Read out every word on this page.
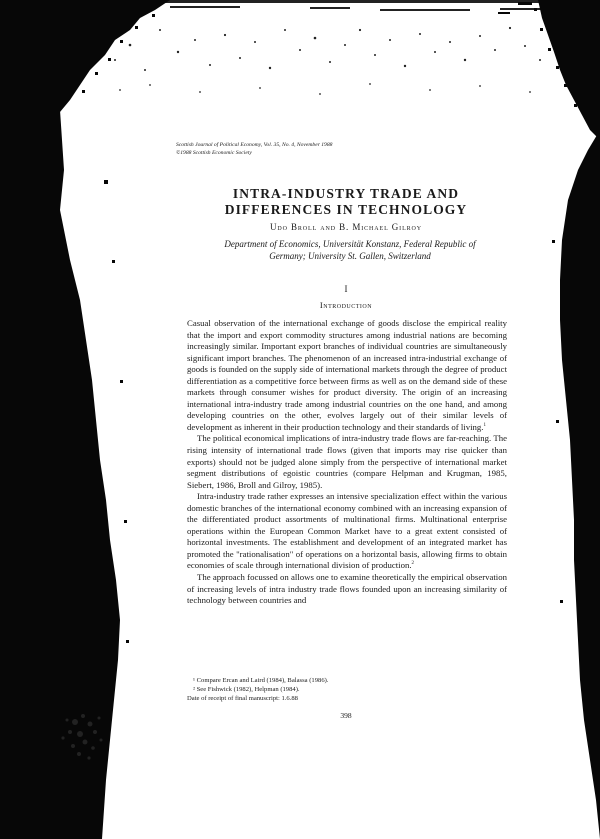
Scottish Journal of Political Economy, Vol. 35, No. 4, November 1988
©1988 Scottish Economic Society
INTRA-INDUSTRY TRADE AND
DIFFERENCES IN TECHNOLOGY
Udo Broll and B. Michael Gilroy
Department of Economics, Universität Konstanz, Federal Republic of
Germany; University St. Gallen, Switzerland
I
Introduction

Casual observation of the international exchange of goods disclose the empirical reality that the import and export commodity structures among industrial nations are becoming increasingly similar. Important export branches of individual countries are simultaneously significant import branches. The phenomenon of an increased intra-industrial exchange of goods is founded on the supply side of international markets through the degree of product differentiation as a competitive force between firms as well as on the demand side of these markets through consumer wishes for product diversity. The origin of an increasing international intra-industry trade among industrial countries on the one hand, and among developing countries on the other, evolves largely out of their similar levels of development as inherent in their production technology and their standards of living.$^1$

The political economical implications of intra-industry trade flows are far-reaching. The rising intensity of international trade flows (given that imports may rise quicker than exports) should not be judged alone simply from the perspective of international market segment distributions of egoistic countries (compare Helpman and Krugman, 1985, Siebert, 1986, Broll and Gilroy, 1985).

Intra-industry trade rather expresses an intensive specialization effect within the various domestic branches of the international economy combined with an increasing expansion of the differentiated product assortments of multinational firms. Multinational enterprise operations within the European Common Market have to a great extent consisted of horizontal investments. The establishment and development of an integrated market has promoted the "rationalisation" of operations on a horizontal basis, allowing firms to obtain economies of scale through international division of production.$^2$

The approach focussed on allows one to examine theoretically the empirical observation of increasing levels of intra industry trade flows founded upon an increasing similarity of technology between countries and

¹ Compare Ercan and Laird (1984), Balassa (1986).
² See Fishwick (1982), Helpman (1984).
Date of receipt of final manuscript: 1.6.88
398
